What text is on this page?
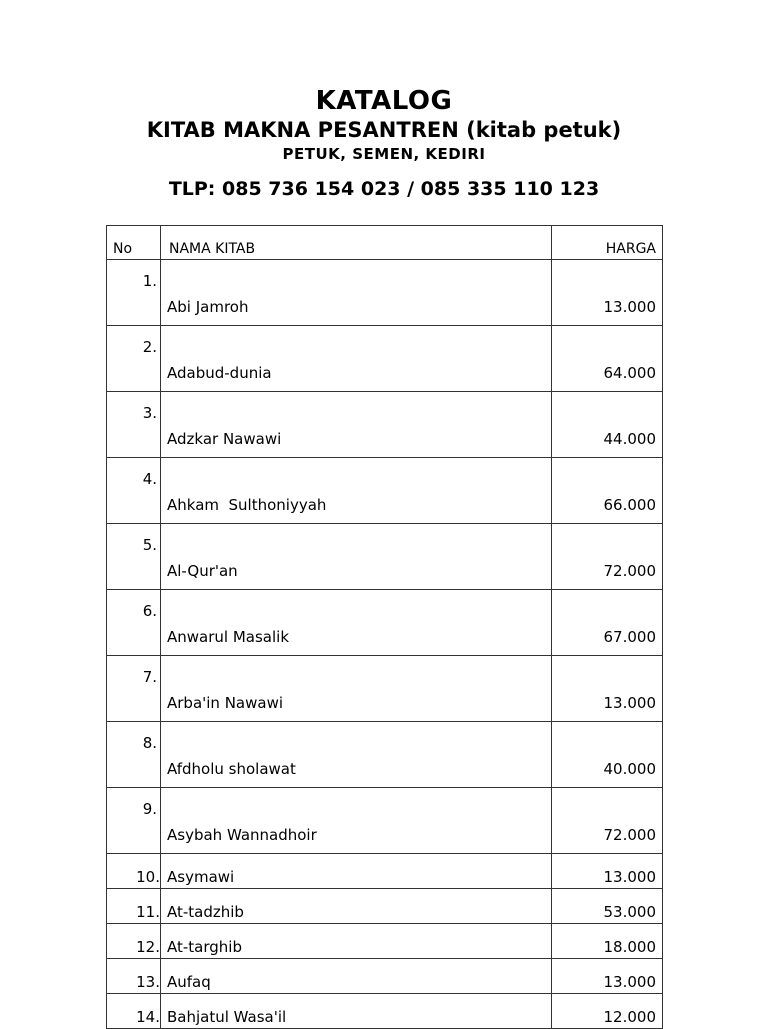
KATALOG
KITAB MAKNA PESANTREN (kitab petuk)
PETUK, SEMEN, KEDIRI
TLP: 085 736 154 023 / 085 335 110 123
No	NAMA KITAB	HARGA
1.	Abi Jamroh	13.000
2.	Adabud-dunia	64.000
3.	Adzkar Nawawi	44.000
4.	Ahkam  Sulthoniyyah	66.000
5.	Al-Qur'an	72.000
6.	Anwarul Masalik	67.000
7.	Arba'in Nawawi	13.000
8.	Afdholu sholawat	40.000
9.	Asybah Wannadhoir	72.000
10.	Asymawi	13.000
11.	At-tadzhib	53.000
12.	At-targhib	18.000
13.	Aufaq	13.000
14.	Bahjatul Wasa'il	12.000
